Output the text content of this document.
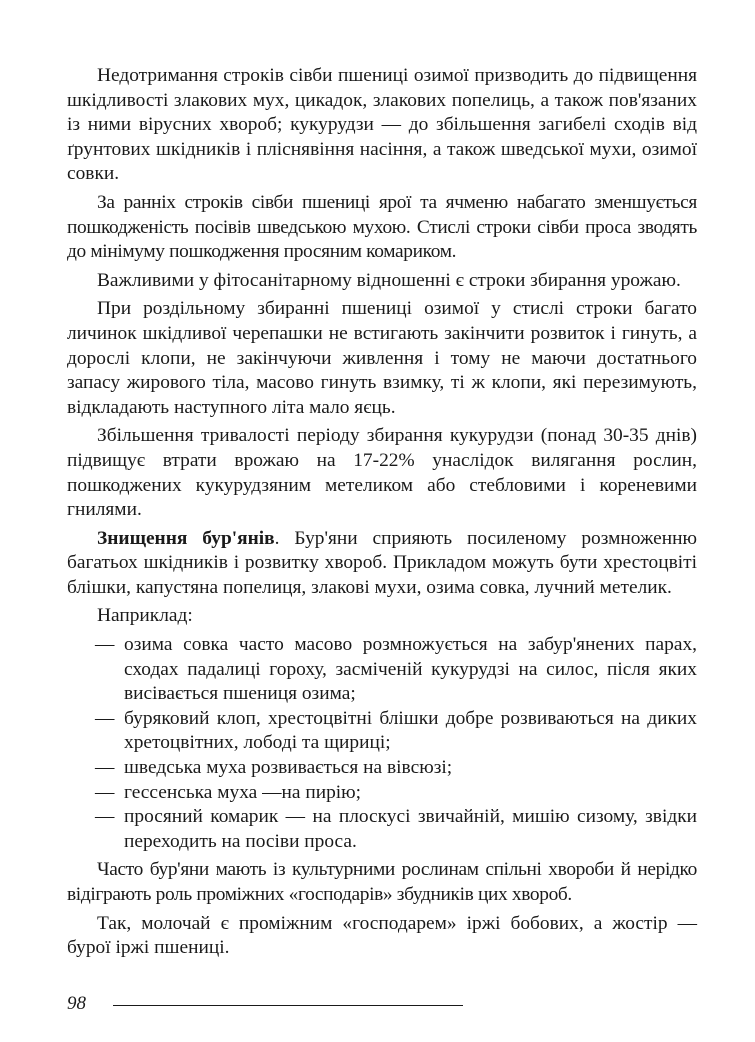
Недотримання строків сівби пшениці озимої призводить до підвищення шкідливості злакових мух, цикадок, злакових попелиць, а також пов'язаних із ними вірусних хвороб; кукурудзи — до збільшення загибелі сходів від ґрунтових шкідників і пліснявіння насіння, а також шведської мухи, озимої совки.

За ранніх строків сівби пшениці ярої та ячменю набагато зменшується пошкодженість посівів шведською мухою. Стислі строки сівби проса зводять до мінімуму пошкодження просяним комариком.

Важливими у фітосанітарному відношенні є строки збирання урожаю.

При роздільному збиранні пшениці озимої у стислі строки багато личинок шкідливої черепашки не встигають закінчити розвиток і гинуть, а дорослі клопи, не закінчуючи живлення і тому не маючи достатнього запасу жирового тіла, масово гинуть взимку, ті ж клопи, які перезимують, відкладають наступного літа мало яєць.

Збільшення тривалості періоду збирання кукурудзи (понад 30-35 днів) підвищує втрати врожаю на 17-22% унаслідок вилягання рослин, пошкоджених кукурудзяним метеликом або стебловими і кореневими гнилями.

Знищення бур'янів. Бур'яни сприяють посиленому розмноженню багатьох шкідників і розвитку хвороб. Прикладом можуть бути хрестоцвіті блішки, капустяна попелиця, злакові мухи, озима совка, лучний метелик.

Наприклад:

— озима совка часто масово розмножується на забур'янених парах, сходах падалиці гороху, засміченій кукурудзі на силос, після яких висівається пшениця озима;
— буряковий клоп, хрестоцвітні блішки добре розвиваються на диких хретоцвітних, лободі та щириці;
— шведська муха розвивається на вівсюзі;
— гессенська муха —на пирію;
— просяний комарик — на плоскусі звичайній, мишію сизому, звідки переходить на посіви проса.

Часто бур'яни мають із культурними рослинам спільні хвороби й нерідко відіграють роль проміжних «господарів» збудників цих хвороб.

Так, молочай є проміжним «господарем» іржі бобових, а жостір — бурої іржі пшениці.

98
